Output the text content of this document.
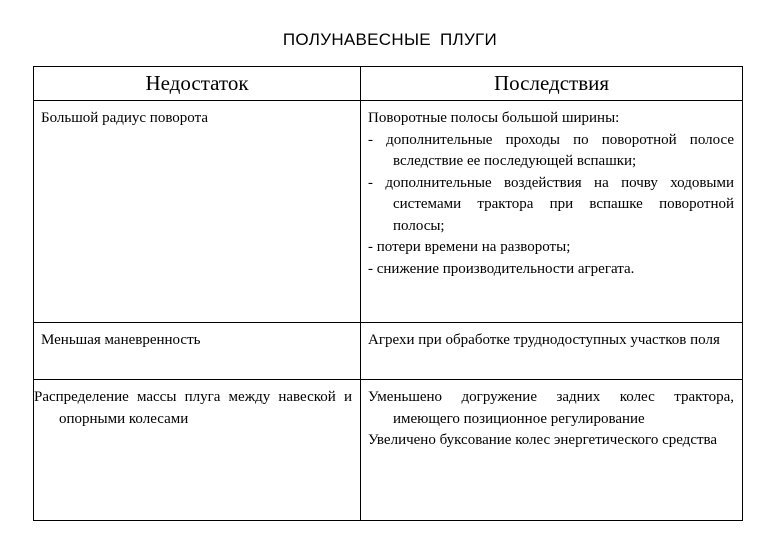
ПОЛУНАВЕСНЫЕ ПЛУГИ
Недостаток	Последствия

Большой радиус поворота	Поворотные полосы большой ширины:
- дополнительные проходы по поворотной полосе вследствие ее последующей вспашки;
- дополнительные воздействия на почву ходовыми системами трактора при вспашке поворотной полосы;
- потери времени на развороты;
- снижение производительности агрегата.

Меньшая маневренность	Агрехи при обработке труднодоступных участков поля

Распределение массы плуга между навеской и опорными колесами	Уменьшено догружение задних колес трактора, имеющего позиционное регулирование
Увеличено буксование колес энергетического средства
